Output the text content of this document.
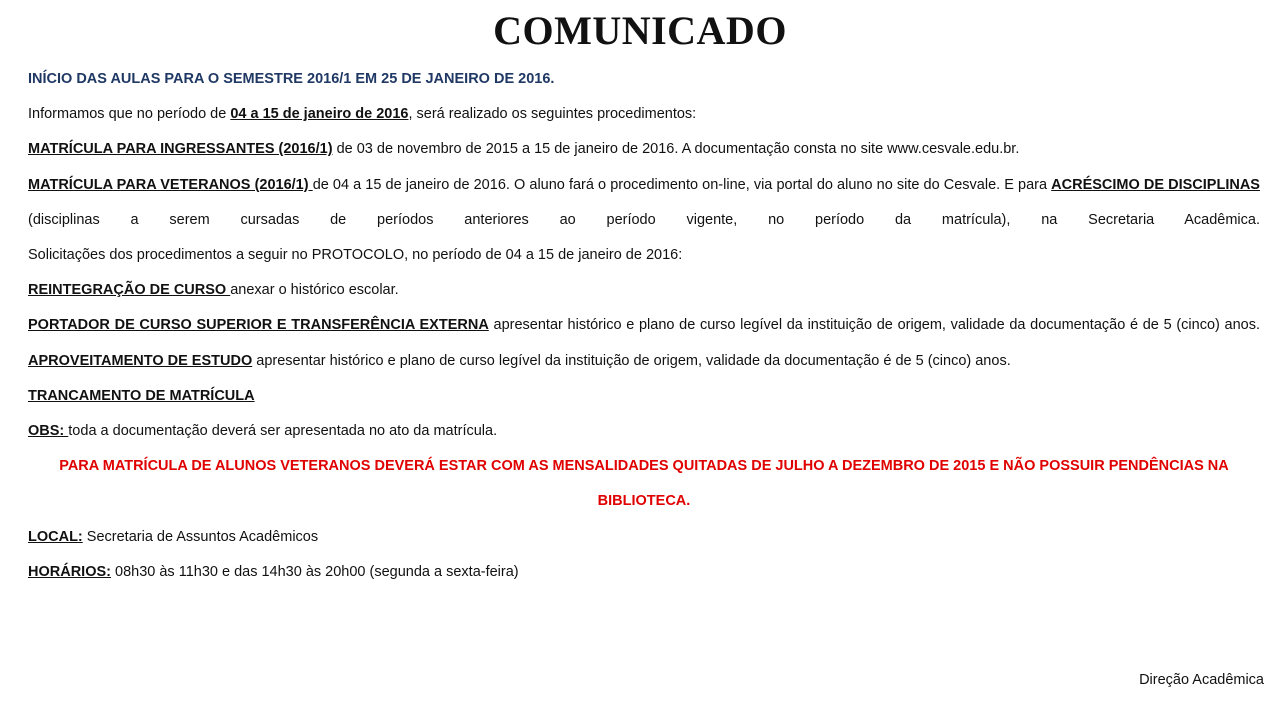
COMUNICADO
INÍCIO DAS AULAS PARA O SEMESTRE 2016/1 EM 25 DE JANEIRO DE 2016.
Informamos que no período de 04 a 15 de janeiro de 2016, será realizado os seguintes procedimentos:
MATRÍCULA PARA INGRESSANTES (2016/1) de 03 de novembro de 2015 a 15 de janeiro de 2016. A documentação consta no site www.cesvale.edu.br.
MATRÍCULA PARA VETERANOS (2016/1) de 04 a 15 de janeiro de 2016. O aluno fará o procedimento on-line, via portal do aluno no site do Cesvale. E para ACRÉSCIMO DE DISCIPLINAS (disciplinas a serem cursadas de períodos anteriores ao período vigente, no período da matrícula), na Secretaria Acadêmica.
Solicitações dos procedimentos a seguir no PROTOCOLO, no período de 04 a 15 de janeiro de 2016:
REINTEGRAÇÃO DE CURSO anexar o histórico escolar.
PORTADOR DE CURSO SUPERIOR E TRANSFERÊNCIA EXTERNA apresentar histórico e plano de curso legível da instituição de origem, validade da documentação é de 5 (cinco) anos.
APROVEITAMENTO DE ESTUDO apresentar histórico e plano de curso legível da instituição de origem, validade da documentação é de 5 (cinco) anos.
TRANCAMENTO DE MATRÍCULA
OBS: toda a documentação deverá ser apresentada no ato da matrícula.
PARA MATRÍCULA DE ALUNOS VETERANOS DEVERÁ ESTAR COM AS MENSALIDADES QUITADAS DE JULHO A DEZEMBRO DE 2015 E NÃO POSSUIR PENDÊNCIAS NA BIBLIOTECA.
LOCAL: Secretaria de Assuntos Acadêmicos
HORÁRIOS: 08h30 às 11h30 e das 14h30 às 20h00 (segunda a sexta-feira)
Direção Acadêmica
